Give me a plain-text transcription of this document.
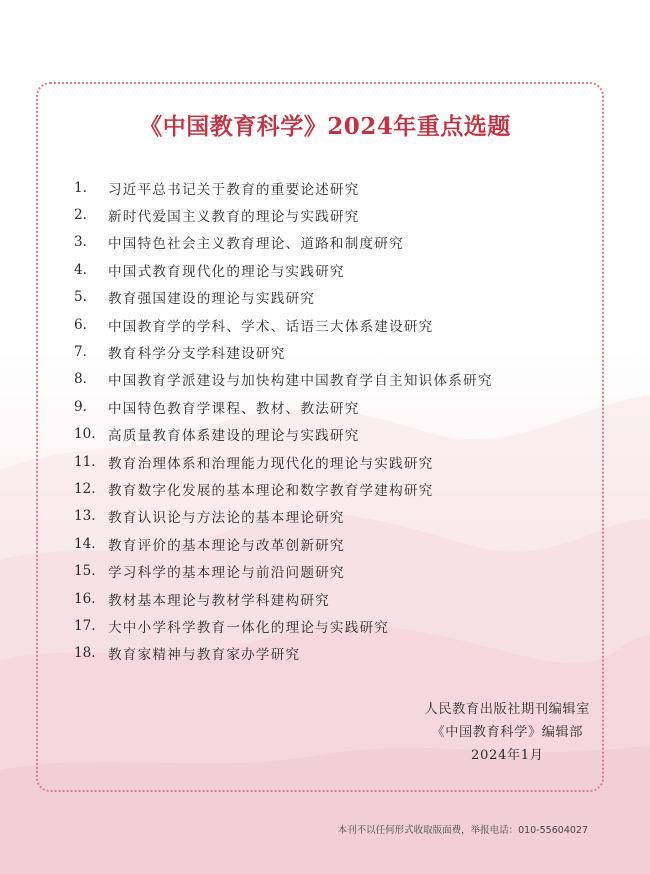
《中国教育科学》2024年重点选题
1.	习近平总书记关于教育的重要论述研究
2.	新时代爱国主义教育的理论与实践研究
3.	中国特色社会主义教育理论、道路和制度研究
4.	中国式教育现代化的理论与实践研究
5.	教育强国建设的理论与实践研究
6.	中国教育学的学科、学术、话语三大体系建设研究
7.	教育科学分支学科建设研究
8.	中国教育学派建设与加快构建中国教育学自主知识体系研究
9.	中国特色教育学课程、教材、教法研究
10. 高质量教育体系建设的理论与实践研究
11. 教育治理体系和治理能力现代化的理论与实践研究
12. 教育数字化发展的基本理论和数字教育学建构研究
13. 教育认识论与方法论的基本理论研究
14. 教育评价的基本理论与改革创新研究
15. 学习科学的基本理论与前沿问题研究
16. 教材基本理论与教材学科建构研究
17. 大中小学科学教育一体化的理论与实践研究
18. 教育家精神与教育家办学研究
人民教育出版社期刊编辑室
《中国教育科学》编辑部
2024年1月
本刊不以任何形式收取版面费，举报电话：010-55604027
